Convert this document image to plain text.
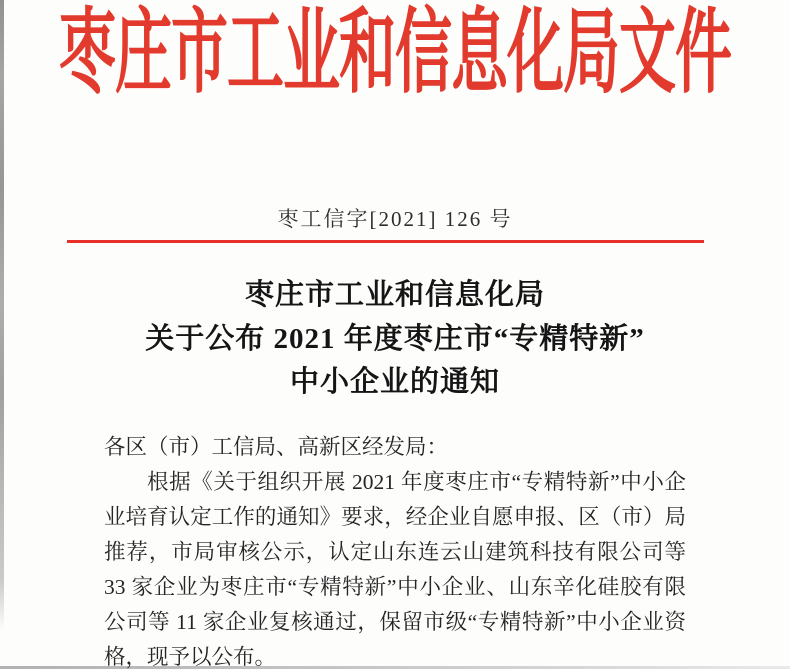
枣庄市工业和信息化局文件
枣工信字[2021] 126 号
枣庄市工业和信息化局
关于公布 2021 年度枣庄市“专精特新”
中小企业的通知
各区（市）工信局、高新区经发局：

根据《关于组织开展 2021 年度枣庄市“专精特新”中小企业培育认定工作的通知》要求，经企业自愿申报、区（市）局推荐，市局审核公示，认定山东连云山建筑科技有限公司等 33 家企业为枣庄市“专精特新”中小企业、山东辛化硅胶有限公司等 11 家企业复核通过，保留市级“专精特新”中小企业资格，现予以公布。
